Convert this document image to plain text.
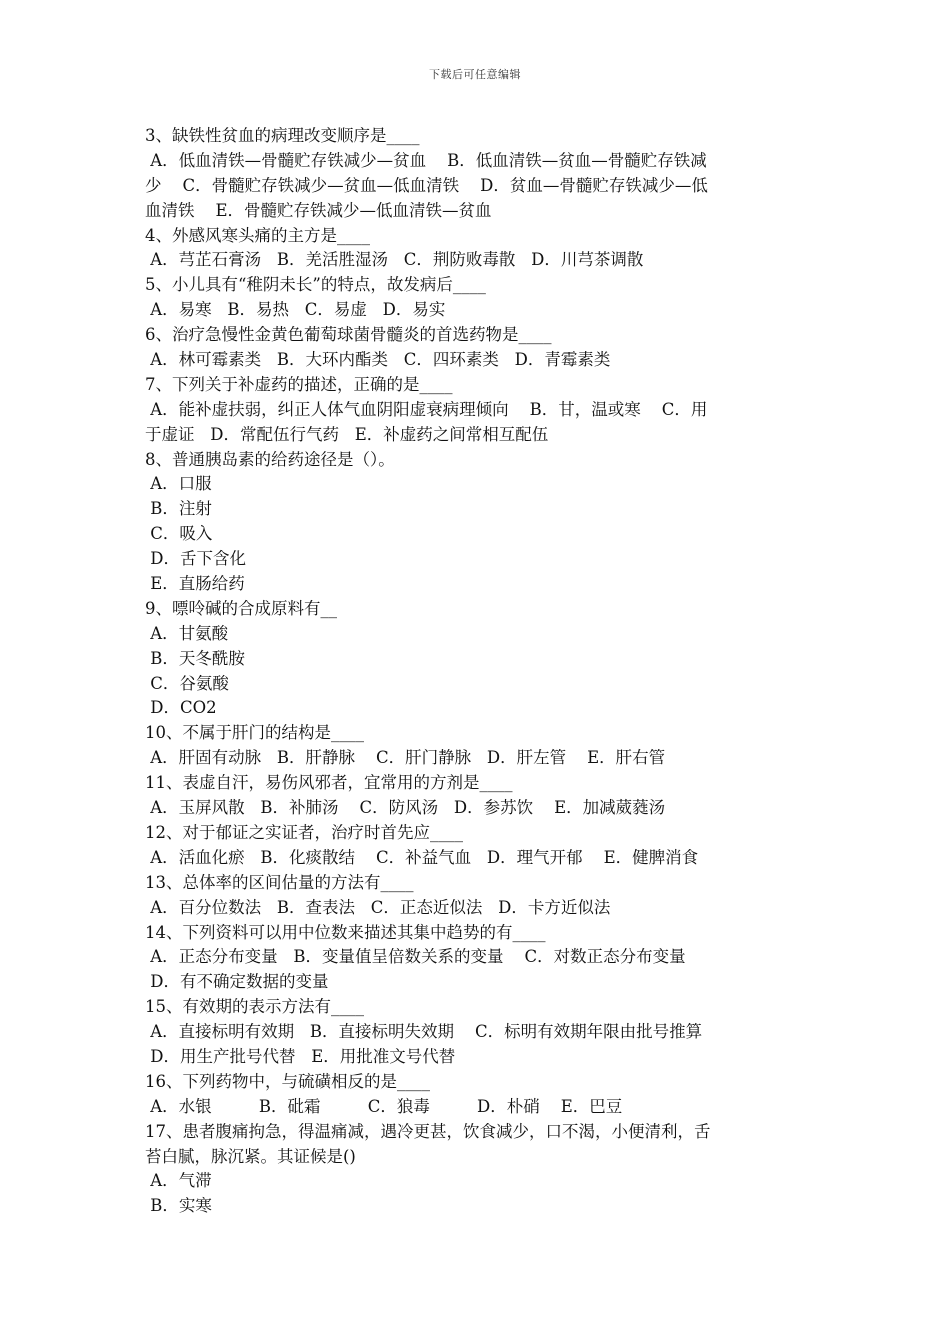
下载后可任意编辑
3、缺铁性贫血的病理改变顺序是____
A．低血清铁—骨髓贮存铁减少—贫血    B．低血清铁—贫血—骨髓贮存铁减
少    C．骨髓贮存铁减少—贫血—低血清铁    D．贫血—骨髓贮存铁减少—低
血清铁    E．骨髓贮存铁减少—低血清铁—贫血
4、外感风寒头痛的主方是____
A．芎芷石膏汤   B．羌活胜湿汤   C．荆防败毒散   D．川芎茶调散
5、小儿具有“稚阴未长”的特点，故发病后____
A．易寒   B．易热   C．易虚   D．易实
6、治疗急慢性金黄色葡萄球菌骨髓炎的首选药物是____
A．林可霉素类   B．大环内酯类   C．四环素类   D．青霉素类
7、下列关于补虚药的描述，正确的是____
A．能补虚扶弱，纠正人体气血阴阳虚衰病理倾向    B．甘，温或寒    C．用
于虚证   D．常配伍行气药   E．补虚药之间常相互配伍
8、普通胰岛素的给药途径是（）。
A．口服
B．注射
C．吸入
D．舌下含化
E．直肠给药
9、嘌呤碱的合成原料有__
A．甘氨酸
B．天冬酰胺
C．谷氨酸
D．CO2
10、不属于肝门的结构是____
A．肝固有动脉   B．肝静脉    C．肝门静脉   D．肝左管    E．肝右管
11、表虚自汗，易伤风邪者，宜常用的方剂是____
A．玉屏风散   B．补肺汤    C．防风汤   D．参苏饮    E．加减葳蕤汤
12、对于郁证之实证者，治疗时首先应____
A．活血化瘀   B．化痰散结    C．补益气血   D．理气开郁    E．健脾消食
13、总体率的区间估量的方法有____
A．百分位数法   B．查表法   C．正态近似法   D．卡方近似法
14、下列资料可以用中位数来描述其集中趋势的有____
A．正态分布变量   B．变量值呈倍数关系的变量    C．对数正态分布变量
D．有不确定数据的变量
15、有效期的表示方法有____
A．直接标明有效期   B．直接标明失效期    C．标明有效期年限由批号推算
D．用生产批号代替   E．用批准文号代替
16、下列药物中，与硫磺相反的是____
A．水银         B．砒霜         C．狼毒         D．朴硝    E．巴豆
17、患者腹痛拘急，得温痛减，遇冷更甚，饮食减少，口不渴，小便清利，舌
苔白腻，脉沉紧。其证候是()
A．气滞
B．实寒
